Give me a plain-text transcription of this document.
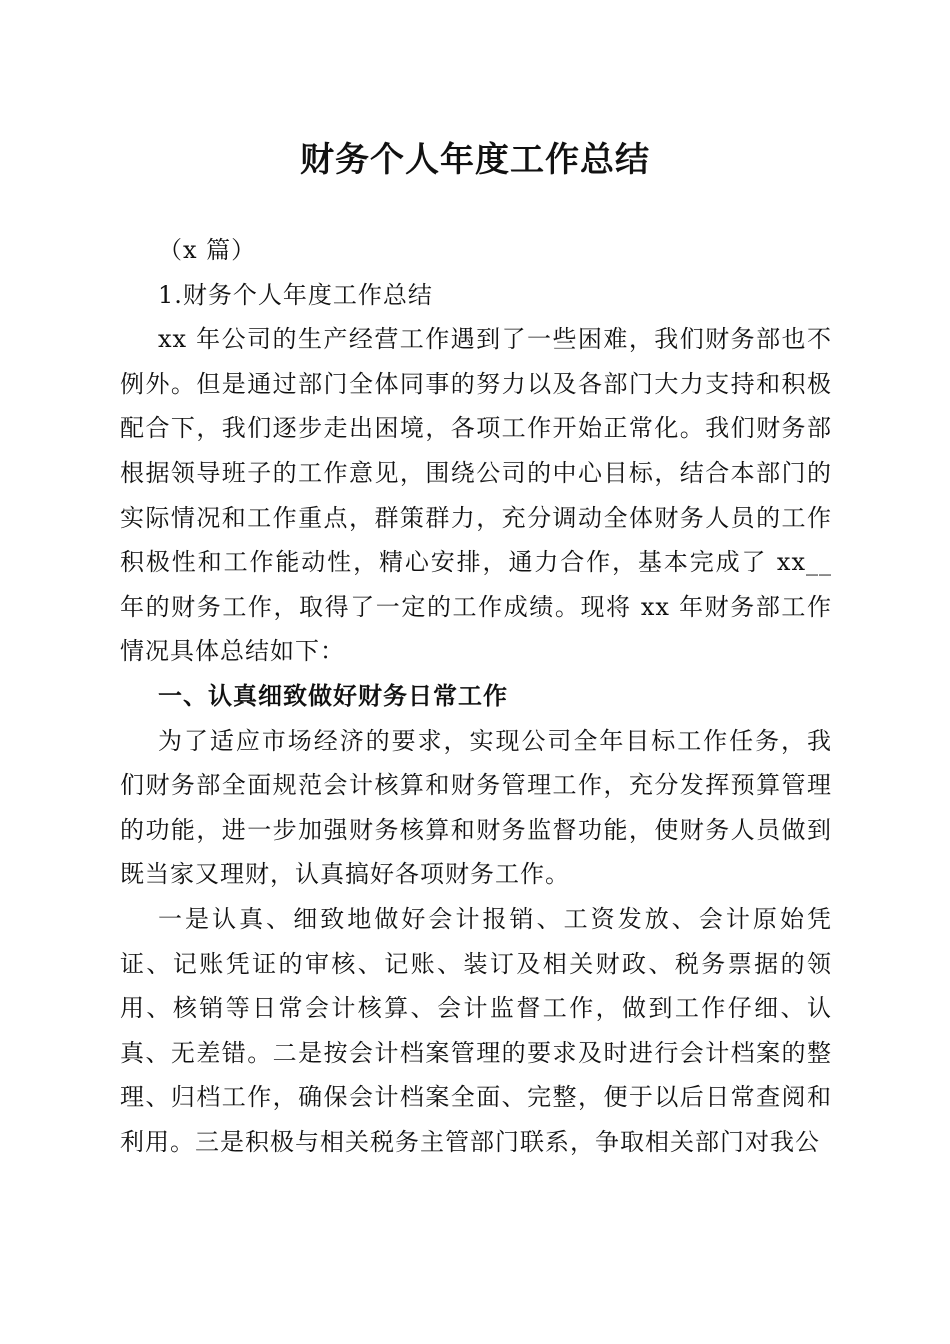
财务个人年度工作总结

（x 篇）

1.财务个人年度工作总结

xx 年公司的生产经营工作遇到了一些困难，我们财务部也不例外。但是通过部门全体同事的努力以及各部门大力支持和积极配合下，我们逐步走出困境，各项工作开始正常化。我们财务部根据领导班子的工作意见，围绕公司的中心目标，结合本部门的实际情况和工作重点，群策群力，充分调动全体财务人员的工作积极性和工作能动性，精心安排，通力合作，基本完成了 xx__年的财务工作，取得了一定的工作成绩。现将 xx 年财务部工作情况具体总结如下：

一、认真细致做好财务日常工作

为了适应市场经济的要求，实现公司全年目标工作任务，我们财务部全面规范会计核算和财务管理工作，充分发挥预算管理的功能，进一步加强财务核算和财务监督功能，使财务人员做到既当家又理财，认真搞好各项财务工作。

一是认真、细致地做好会计报销、工资发放、会计原始凭证、记账凭证的审核、记账、装订及相关财政、税务票据的领用、核销等日常会计核算、会计监督工作，做到工作仔细、认真、无差错。二是按会计档案管理的要求及时进行会计档案的整理、归档工作，确保会计档案全面、完整，便于以后日常查阅和利用。三是积极与相关税务主管部门联系，争取相关部门对我公
